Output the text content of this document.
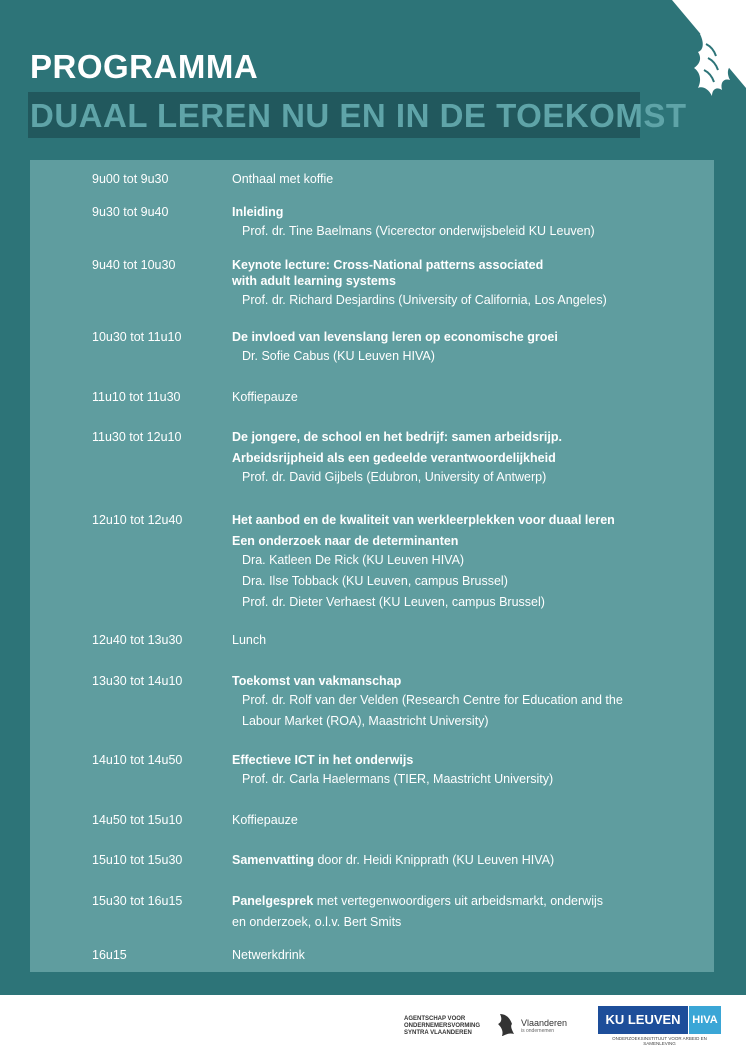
PROGRAMMA
DUAAL LEREN NU EN IN DE TOEKOMST
9u00 tot 9u30	Onthaal met koffie
9u30 tot 9u40	Inleiding
Prof. dr. Tine Baelmans (Vicerector onderwijsbeleid KU Leuven)
9u40 tot 10u30	Keynote lecture: Cross-National patterns associated
with adult learning systems
Prof. dr. Richard Desjardins (University of California, Los Angeles)
10u30 tot 11u10	De invloed van levenslang leren op economische groei
Dr. Sofie Cabus (KU Leuven HIVA)
11u10 tot 11u30	Koffiepauze
11u30 tot 12u10	De jongere, de school en het bedrijf: samen arbeidsrijp.
Arbeidsrijpheid als een gedeelde verantwoordelijkheid
Prof. dr. David Gijbels (Edubron, University of Antwerp)
12u10 tot 12u40	Het aanbod en de kwaliteit van werkleerplekken voor duaal leren
Een onderzoek naar de determinanten
Dra. Katleen De Rick (KU Leuven HIVA)
Dra. Ilse Tobback (KU Leuven, campus Brussel)
Prof. dr. Dieter Verhaest (KU Leuven, campus Brussel)
12u40 tot 13u30	Lunch
13u30 tot 14u10	Toekomst van vakmanschap
Prof. dr. Rolf van der Velden (Research Centre for Education and the
Labour Market (ROA), Maastricht University)
14u10 tot 14u50	Effectieve ICT in het onderwijs
Prof. dr. Carla Haelermans (TIER, Maastricht University)
14u50 tot 15u10	Koffiepauze
15u10 tot 15u30	Samenvatting door dr. Heidi Knipprath (KU Leuven HIVA)
15u30 tot 16u15	Panelgesprek met vertegenwoordigers uit arbeidsmarkt, onderwijs
en onderzoek, o.l.v. Bert Smits
16u15	Netwerkdrink
AGENTSCHAP VOOR
ONDERNEMERSVORMING
SYNTRA VLAANDEREN
Vlaanderen
is ondernemen
KU LEUVEN	HIVA
ONDERZOEKSINSTITUUT VOOR ARBEID EN SAMENLEVING
